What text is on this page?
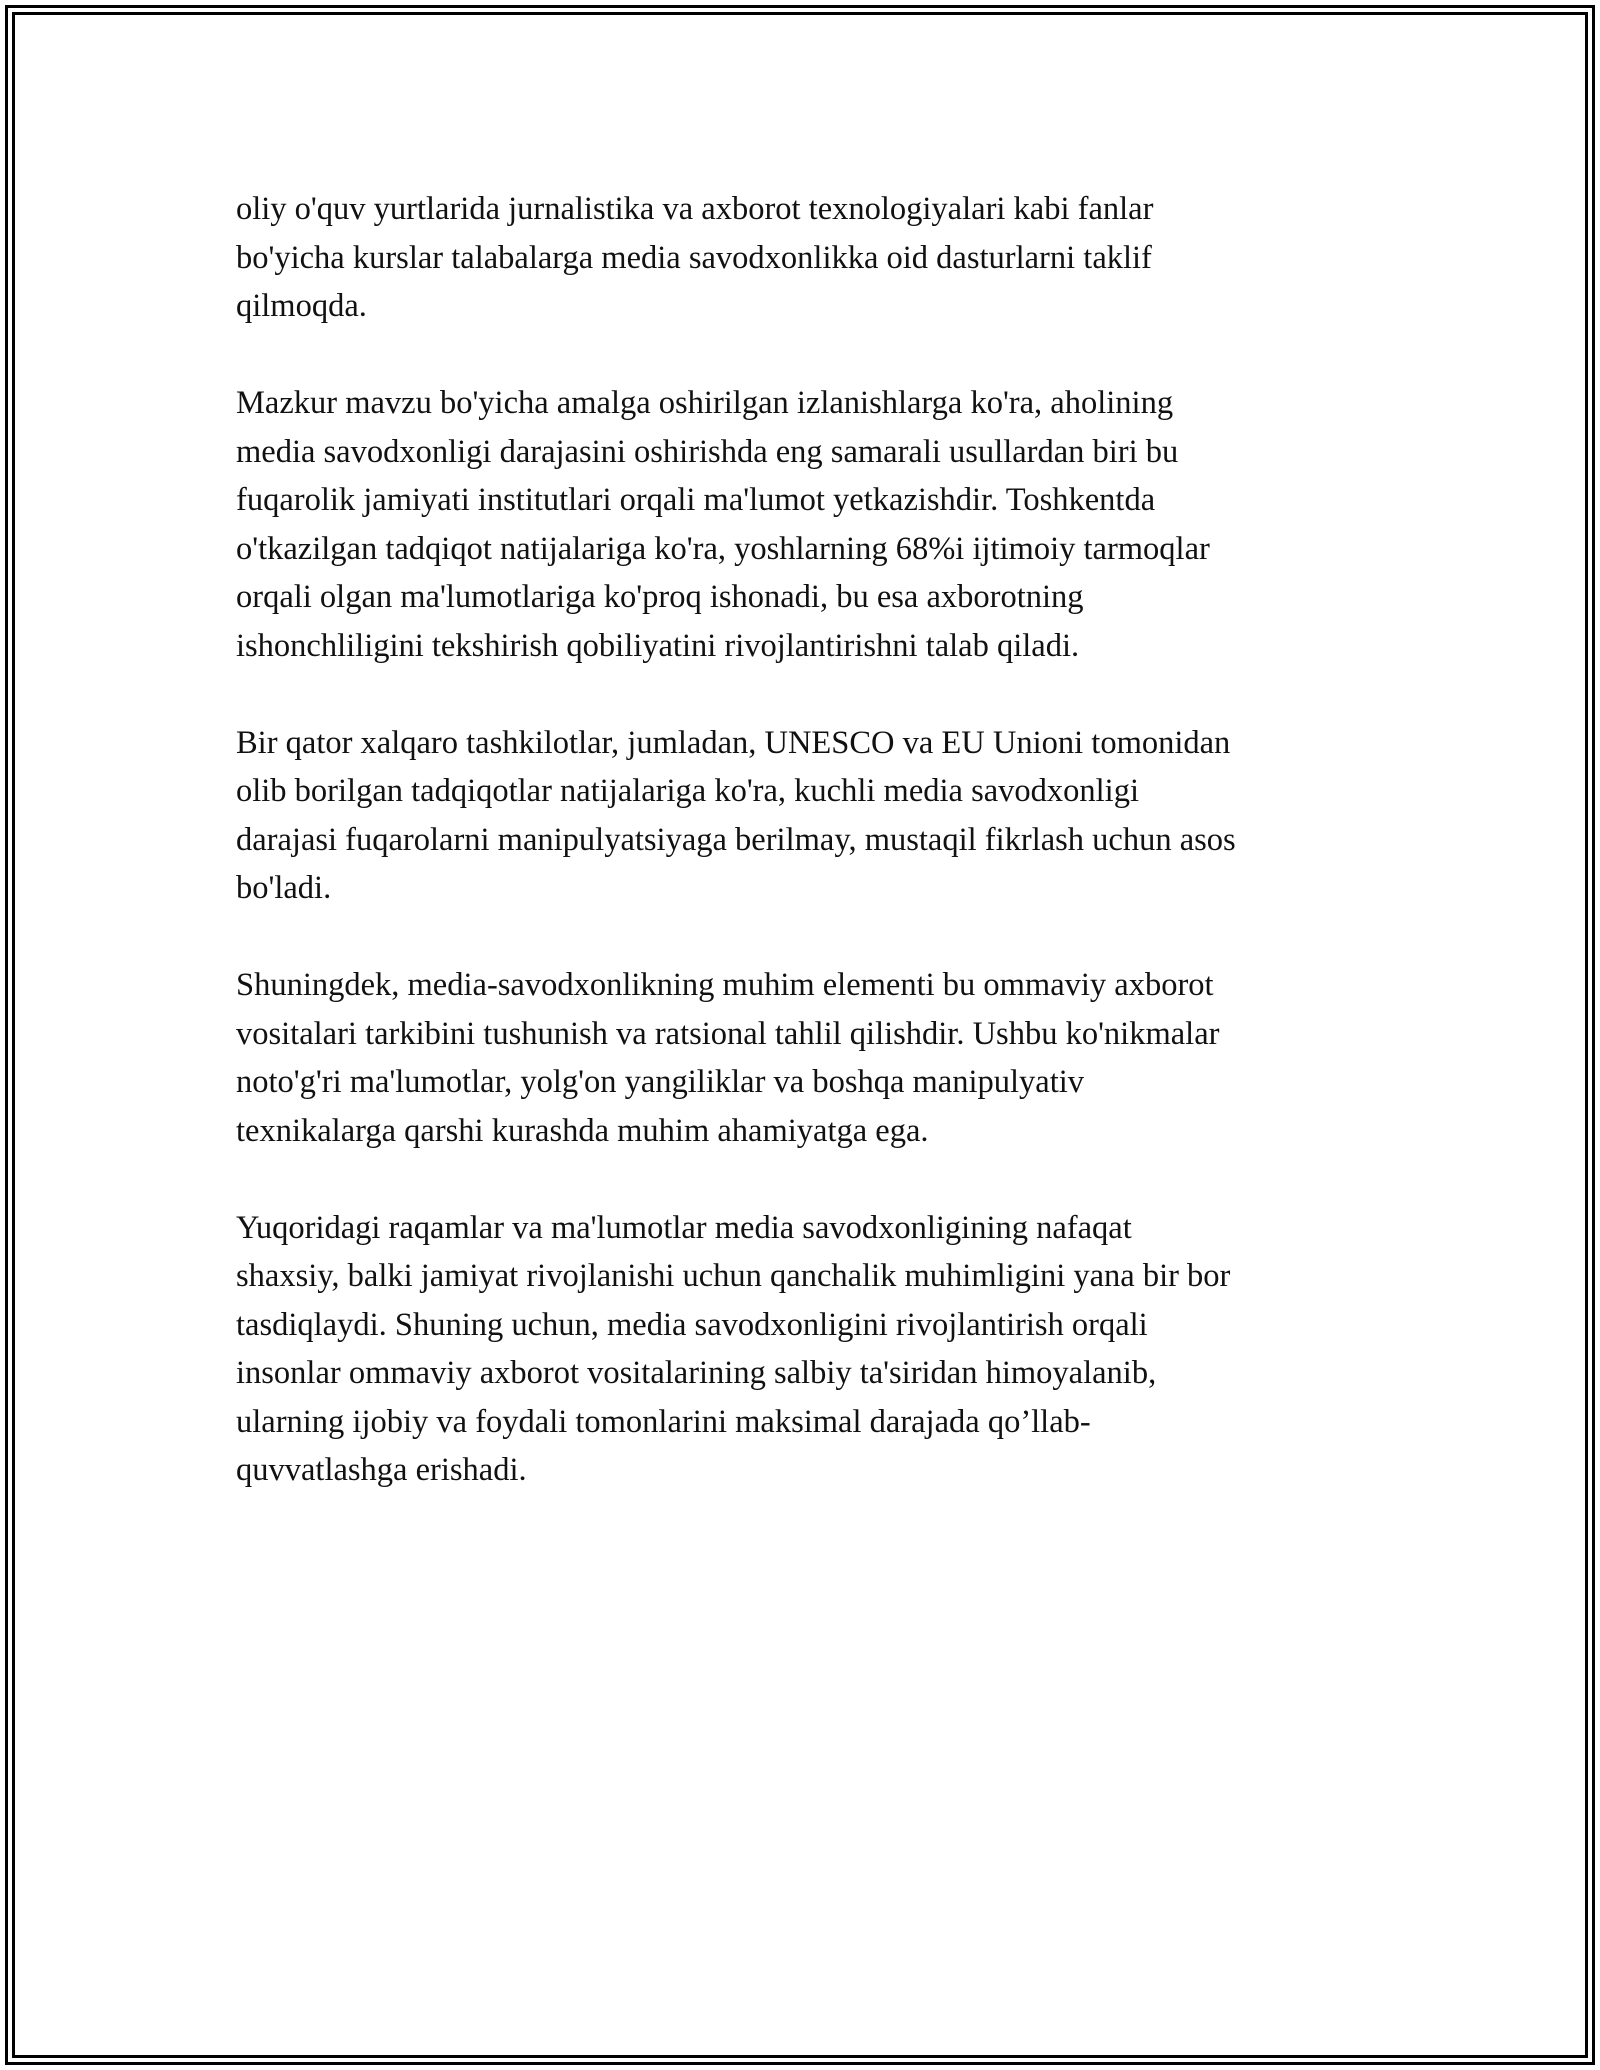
oliy o'quv yurtlarida jurnalistika va axborot texnologiyalari kabi fanlar
bo'yicha kurslar talabalarga media savodxonlikka oid dasturlarni taklif
qilmoqda.
Mazkur mavzu bo'yicha amalga oshirilgan izlanishlarga ko'ra, aholining
media savodxonligi darajasini oshirishda eng samarali usullardan biri bu
fuqarolik jamiyati institutlari orqali ma'lumot yetkazishdir. Toshkentda
o'tkazilgan tadqiqot natijalariga ko'ra, yoshlarning 68%i ijtimoiy tarmoqlar
orqali olgan ma'lumotlariga ko'proq ishonadi, bu esa axborotning
ishonchliligini tekshirish qobiliyatini rivojlantirishni talab qiladi.
Bir qator xalqaro tashkilotlar, jumladan, UNESCO va EU Unioni tomonidan
olib borilgan tadqiqotlar natijalariga ko'ra, kuchli media savodxonligi
darajasi fuqarolarni manipulyatsiyaga berilmay, mustaqil fikrlash uchun asos
bo'ladi.
Shuningdek, media-savodxonlikning muhim elementi bu ommaviy axborot
vositalari tarkibini tushunish va ratsional tahlil qilishdir. Ushbu ko'nikmalar
noto'g'ri ma'lumotlar, yolg'on yangiliklar va boshqa manipulyativ
texnikalarga qarshi kurashda muhim ahamiyatga ega.
Yuqoridagi raqamlar va ma'lumotlar media savodxonligining nafaqat
shaxsiy, balki jamiyat rivojlanishi uchun qanchalik muhimligini yana bir bor
tasdiqlaydi. Shuning uchun, media savodxonligini rivojlantirish orqali
insonlar ommaviy axborot vositalarining salbiy ta'siridan himoyalanib,
ularning ijobiy va foydali tomonlarini maksimal darajada qo’llab-
quvvatlashga erishadi.
